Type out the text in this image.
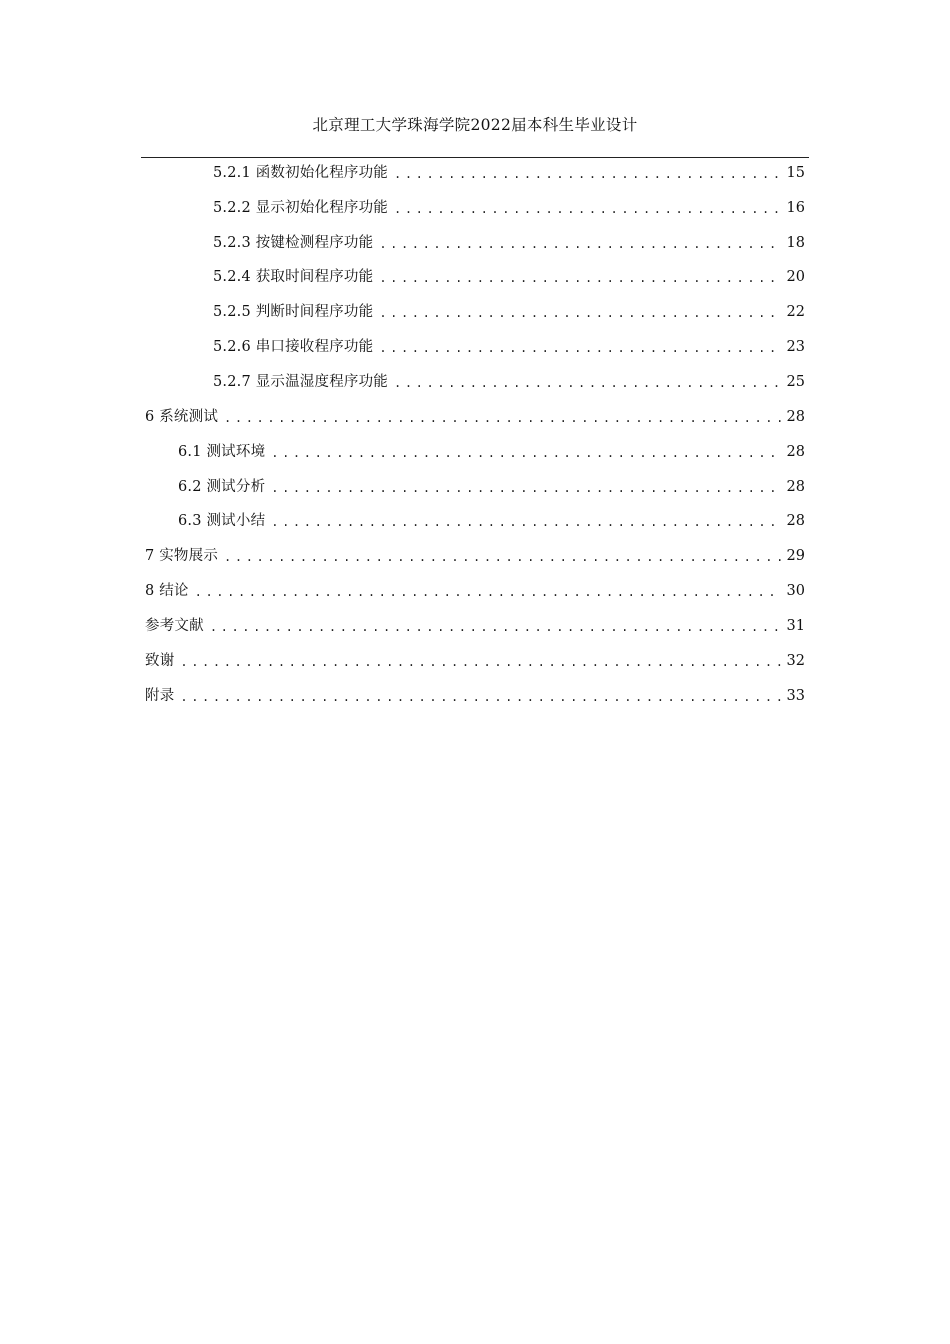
北京理工大学珠海学院2022届本科生毕业设计
5.2.1 函数初始化程序功能 .....	15
5.2.2 显示初始化程序功能 .....	16
5.2.3 按键检测程序功能 .....	18
5.2.4 获取时间程序功能 .....	20
5.2.5 判断时间程序功能 .....	22
5.2.6 串口接收程序功能 .....	23
5.2.7 显示温湿度程序功能 .....	25
6 系统测试 .....	28
6.1 测试环境 .....	28
6.2 测试分析 .....	28
6.3 测试小结 .....	28
7 实物展示 .....	29
8 结论 .....	30
参考文献 .....	31
致谢 .....	32
附录 .....	33
